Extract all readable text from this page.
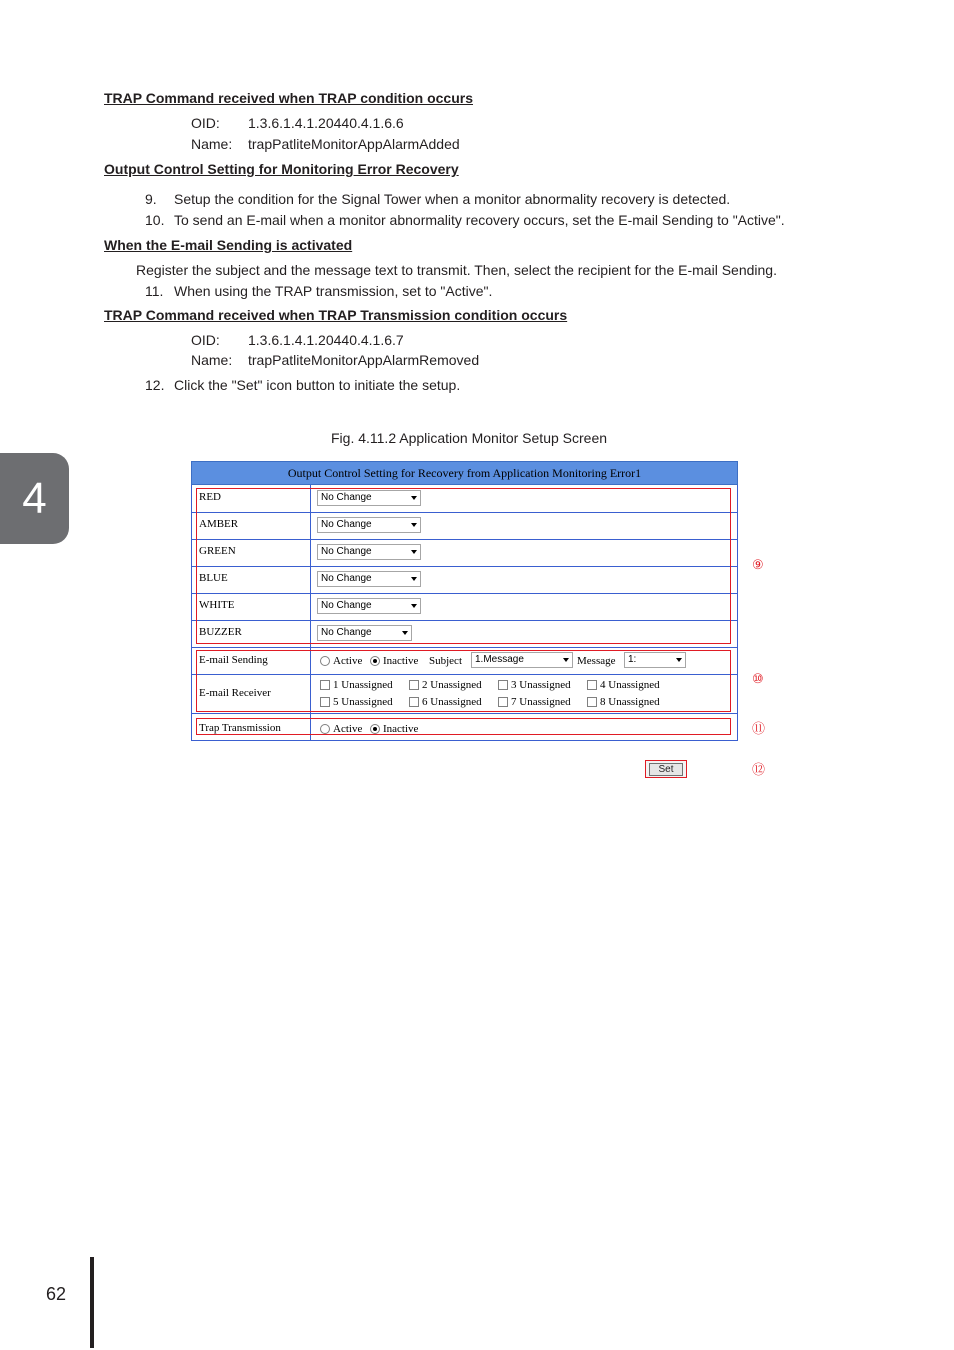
TRAP Command received when TRAP condition occurs
OID: 1.3.6.1.4.1.20440.4.1.6.6
Name: trapPatliteMonitorAppAlarmAdded
Output Control Setting for Monitoring Error Recovery
9. Setup the condition for the Signal Tower when a monitor abnormality recovery is detected.
10. To send an E-mail when a monitor abnormality recovery occurs, set the E-mail Sending to "Active".
When the E-mail Sending is activated
Register the subject and the message text to transmit. Then, select the recipient for the E-mail Sending.
11. When using the TRAP transmission, set to "Active".
TRAP Command received when TRAP Transmission condition occurs
OID: 1.3.6.1.4.1.20440.4.1.6.7
Name: trapPatliteMonitorAppAlarmRemoved
12. Click the "Set" icon button to initiate the setup.
Fig. 4.11.2 Application Monitor Setup Screen
4
Output Control Setting for Recovery from Application Monitoring Error1
RED	No Change
AMBER	No Change
GREEN	No Change
BLUE	No Change
WHITE	No Change
BUZZER	No Change
E-mail Sending	Active	Inactive Subject	1.Message	Message	1:
E-mail Receiver
1 Unassigned	2 Unassigned	3 Unassigned	4 Unassigned
5 Unassigned	6 Unassigned	7 Unassigned	8 Unassigned
Trap Transmission	Active	Inactive
⑨
⑩
⑪
⑫
Set
62
